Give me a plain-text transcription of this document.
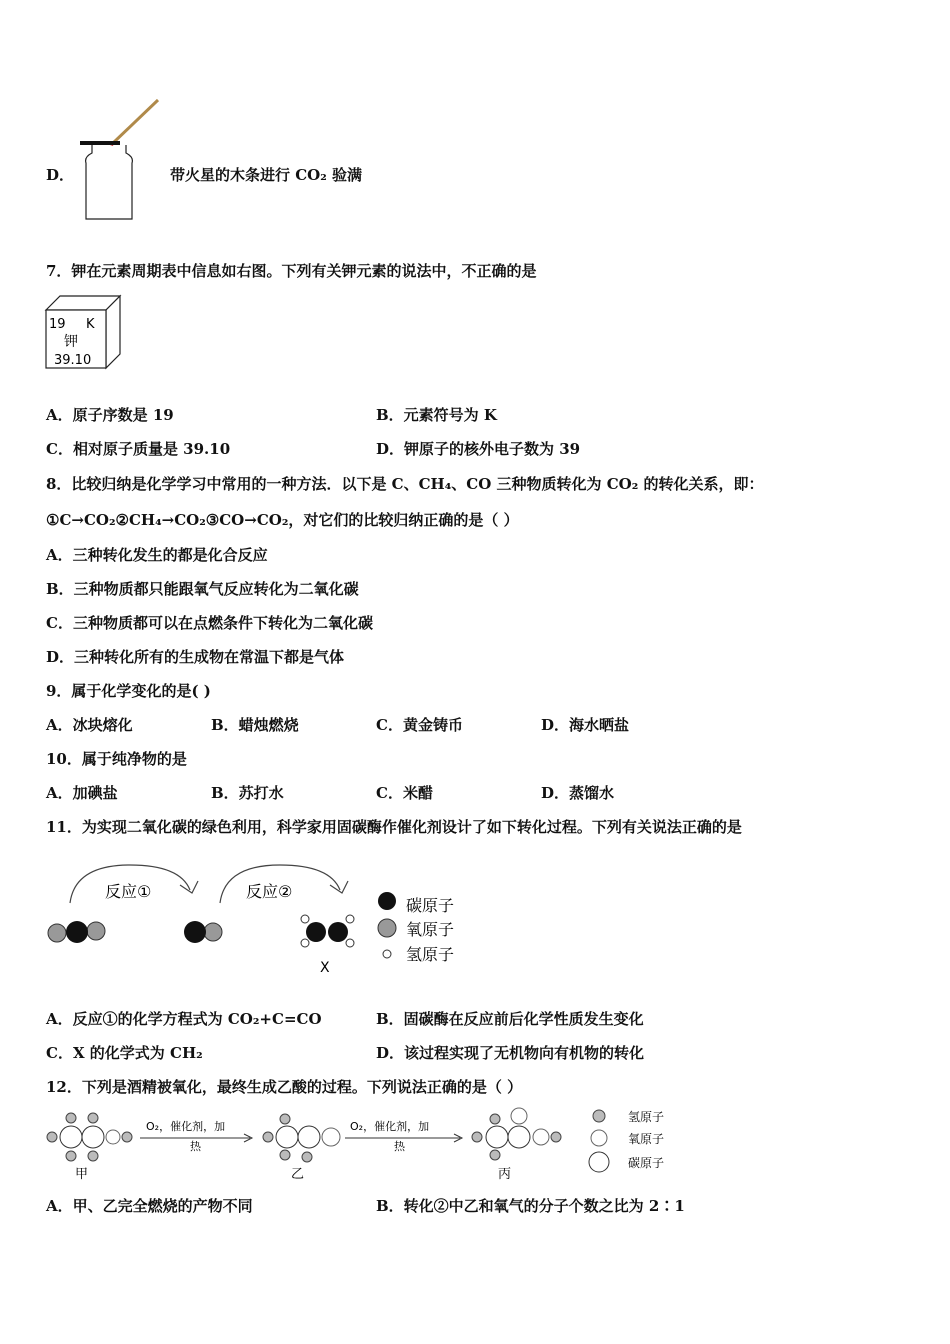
D．	带火星的木条进行 CO₂ 验满
7．钾在元素周期表中信息如右图。下列有关钾元素的说法中，不正确的是
19 K
钾
39.10
A．原子序数是 19	B．元素符号为 K
C．相对原子质量是 39.10	D．钾原子的核外电子数为 39
8．比较归纳是化学学习中常用的一种方法．以下是 C、CH₄、CO 三种物质转化为 CO₂ 的转化关系，即：
①C→CO₂②CH₄→CO₂③CO→CO₂，对它们的比较归纳正确的是（ ）
A．三种转化发生的都是化合反应
B．三种物质都只能跟氧气反应转化为二氧化碳
C．三种物质都可以在点燃条件下转化为二氧化碳
D．三种转化所有的生成物在常温下都是气体
9．属于化学变化的是( )
A．冰块熔化	B．蜡烛燃烧	C．黄金铸币	D．海水晒盐
10．属于纯净物的是
A．加碘盐	B．苏打水	C．米醋	D．蒸馏水
11．为实现二氧化碳的绿色利用，科学家用固碳酶作催化剂设计了如下转化过程。下列有关说法正确的是
反应①	反应②
X
碳原子
氧原子
氢原子
A．反应①的化学方程式为 CO₂+C=CO	B．固碳酶在反应前后化学性质发生变化
C．X 的化学式为 CH₂	D．该过程实现了无机物向有机物的转化
12．下列是酒精被氧化，最终生成乙酸的过程。下列说法正确的是（ ）
甲
O₂，催化剂，加
热
乙
O₂，催化剂，加
热
丙
氢原子
氧原子
碳原子
A．甲、乙完全燃烧的产物不同	B．转化②中乙和氧气的分子个数之比为 2∶1
